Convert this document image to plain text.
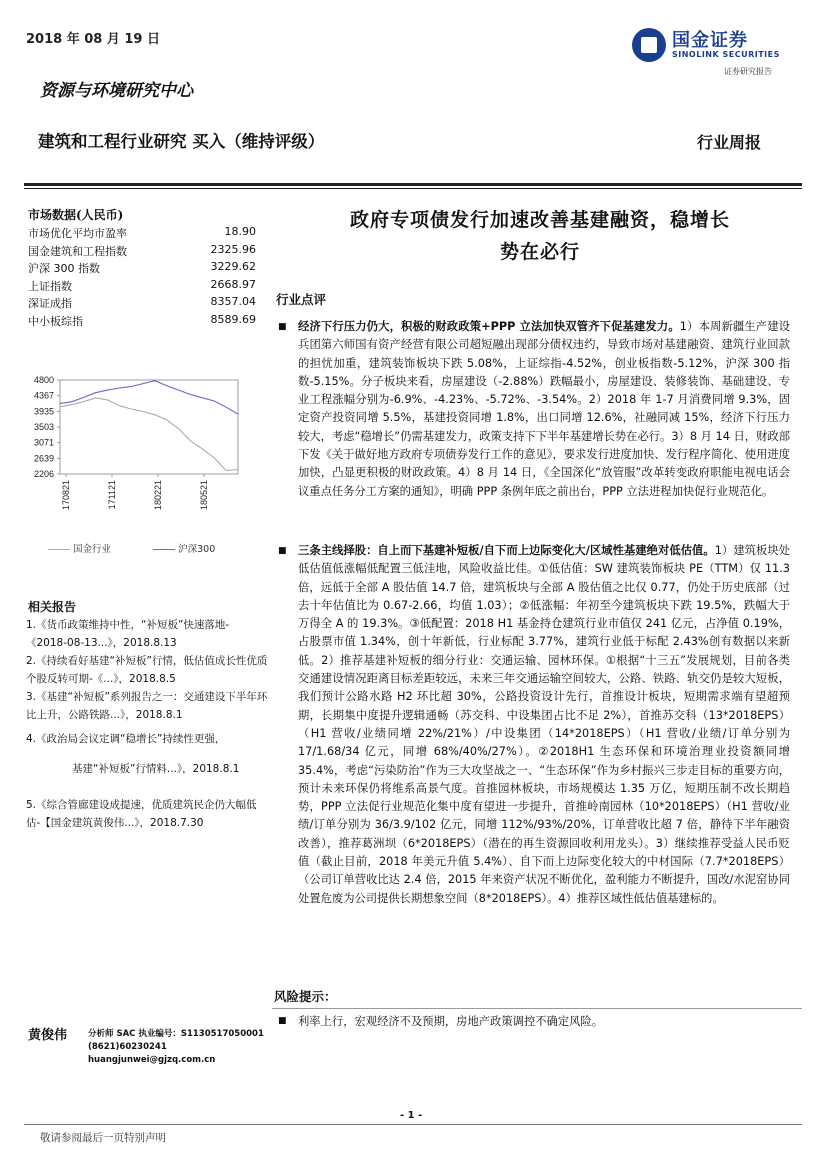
2018 年 08 月 19 日	国金证券
SINOLINK SECURITIES
证券研究报告
资源与环境研究中心
建筑和工程行业研究 买入（维持评级）	行业周报
市场数据(人民币)
市场优化平均市盈率	18.90
国金建筑和工程指数	2325.96
沪深 300 指数	3229.62
上证指数	2668.97
深证成指	8357.04
中小板综指	8589.69
4800
4367
3935
3503
3071
2639
2206
170821	171121	180221	180521
国金行业	沪深300
相关报告
1.《货币政策维持中性，“补短板”快速落地-《2018-08-13...》，2018.8.13
2.《持续看好基建“补短板”行情，低估值成长性优质个股反转可期-《...》，2018.8.5
3.《基建“补短板”系列报告之一：交通建设下半年环比上升，公路铁路...》，2018.8.1
4.《政治局会议定调“稳增长”持续性更强，
基建“补短板”行情料...》，2018.8.1
5.《综合管廊建设成提速，优质建筑民企仍大幅低估-【国金建筑黄俊伟...》，2018.7.30
黄俊伟 分析师 SAC 执业编号：S1130517050001
(8621)60230241
huangjunwei@gjzq.com.cn
政府专项债发行加速改善基建融资，稳增长
势在必行
行业点评
■ 经济下行压力仍大，积极的财政政策+PPP 立法加快双管齐下促基建发力。1）本周新疆生产建设兵团第六师国有资产经营有限公司超短融出现部分债权违约，导致市场对基建融资、建筑行业回款的担忧加重，建筑装饰板块下跌 5.08%，上证综指-4.52%，创业板指数-5.12%，沪深 300 指数-5.15%。分子板块来看，房屋建设（-2.88%）跌幅最小，房屋建设、装修装饰、基础建设、专业工程涨幅分别为-6.9%、-4.23%、-5.72%、-3.54%。2）2018 年 1-7 月消费同增 9.3%，固定资产投资同增 5.5%，基建投资同增 1.8%，出口同增 12.6%，社融同减 15%，经济下行压力较大，考虑“稳增长”仍需基建发力，政策支持下下半年基建增长势在必行。3）8 月 14 日，财政部下发《关于做好地方政府专项债券发行工作的意见》，要求发行进度加快、发行程序简化、使用进度加快，凸显更积极的财政政策。4）8 月 14 日，《全国深化“放管服”改革转变政府职能电视电话会议重点任务分工方案的通知》，明确 PPP 条例年底之前出台，PPP 立法进程加快促行业规范化。
■ 三条主线择股：自上而下基建补短板/自下而上边际变化大/区域性基建绝对低估值。1）建筑板块处低估值低涨幅低配置三低洼地，风险收益比佳。①低估值：SW 建筑装饰板块 PE（TTM）仅 11.3 倍，远低于全部 A 股估值 14.7 倍，建筑板块与全部 A 股估值之比仅 0.77，仍处于历史底部（过去十年估值比为 0.67-2.66，均值 1.03）；②低涨幅：年初至今建筑板块下跌 19.5%，跌幅大于万得全 A 的 19.3%。③低配置：2018 H1 基金持仓建筑行业市值仅 241 亿元，占净值 0.19%，占股票市值 1.34%，创十年新低，行业标配 3.77%，建筑行业低于标配 2.43%创有数据以来新低。2）推荐基建补短板的细分行业：交通运输、园林环保。①根据“十三五”发展规划，目前各类交通建设情况距离目标差距较远，未来三年交通运输空间较大，公路、铁路、轨交仍是较大短板，我们预计公路水路 H2 环比超 30%，公路投资设计先行，首推设计板块，短期需求端有望超预期，长期集中度提升逻辑通畅（苏交科、中设集团占比不足 2%），首推苏交科（13*2018EPS）（H1 营收/业绩同增 22%/21%）/中设集团（14*2018EPS）（H1 营收/业绩/订单分别为 17/1.68/34 亿元，同增 68%/40%/27%）。②2018H1 生态环保和环境治理业投资额同增 35.4%，考虑“污染防治”作为三大攻坚战之一、“生态环保”作为乡村振兴三步走目标的重要方向，预计未来环保仍将维系高景气度。首推园林板块，市场规模达 1.35 万亿，短期压制不改长期趋势，PPP 立法促行业规范化集中度有望进一步提升，首推岭南园林（10*2018EPS）（H1 营收/业绩/订单分别为 36/3.9/102 亿元，同增 112%/93%/20%，订单营收比超 7 倍，静待下半年融资改善），推荐葛洲坝（6*2018EPS）（潜在的再生资源回收利用龙头）。3）继续推荐受益人民币贬值（截止目前，2018 年美元升值 5.4%）、自下而上边际变化较大的中材国际（7.7*2018EPS）（公司订单营收比达 2.4 倍，2015 年来资产状况不断优化，盈利能力不断提升，国改/水泥窑协同处置危废为公司提供长期想象空间（8*2018EPS）。4）推荐区域性低估值基建标的。
风险提示：
■ 利率上行，宏观经济不及预期，房地产政策调控不确定风险。
- 1 -
敬请参阅最后一页特别声明
